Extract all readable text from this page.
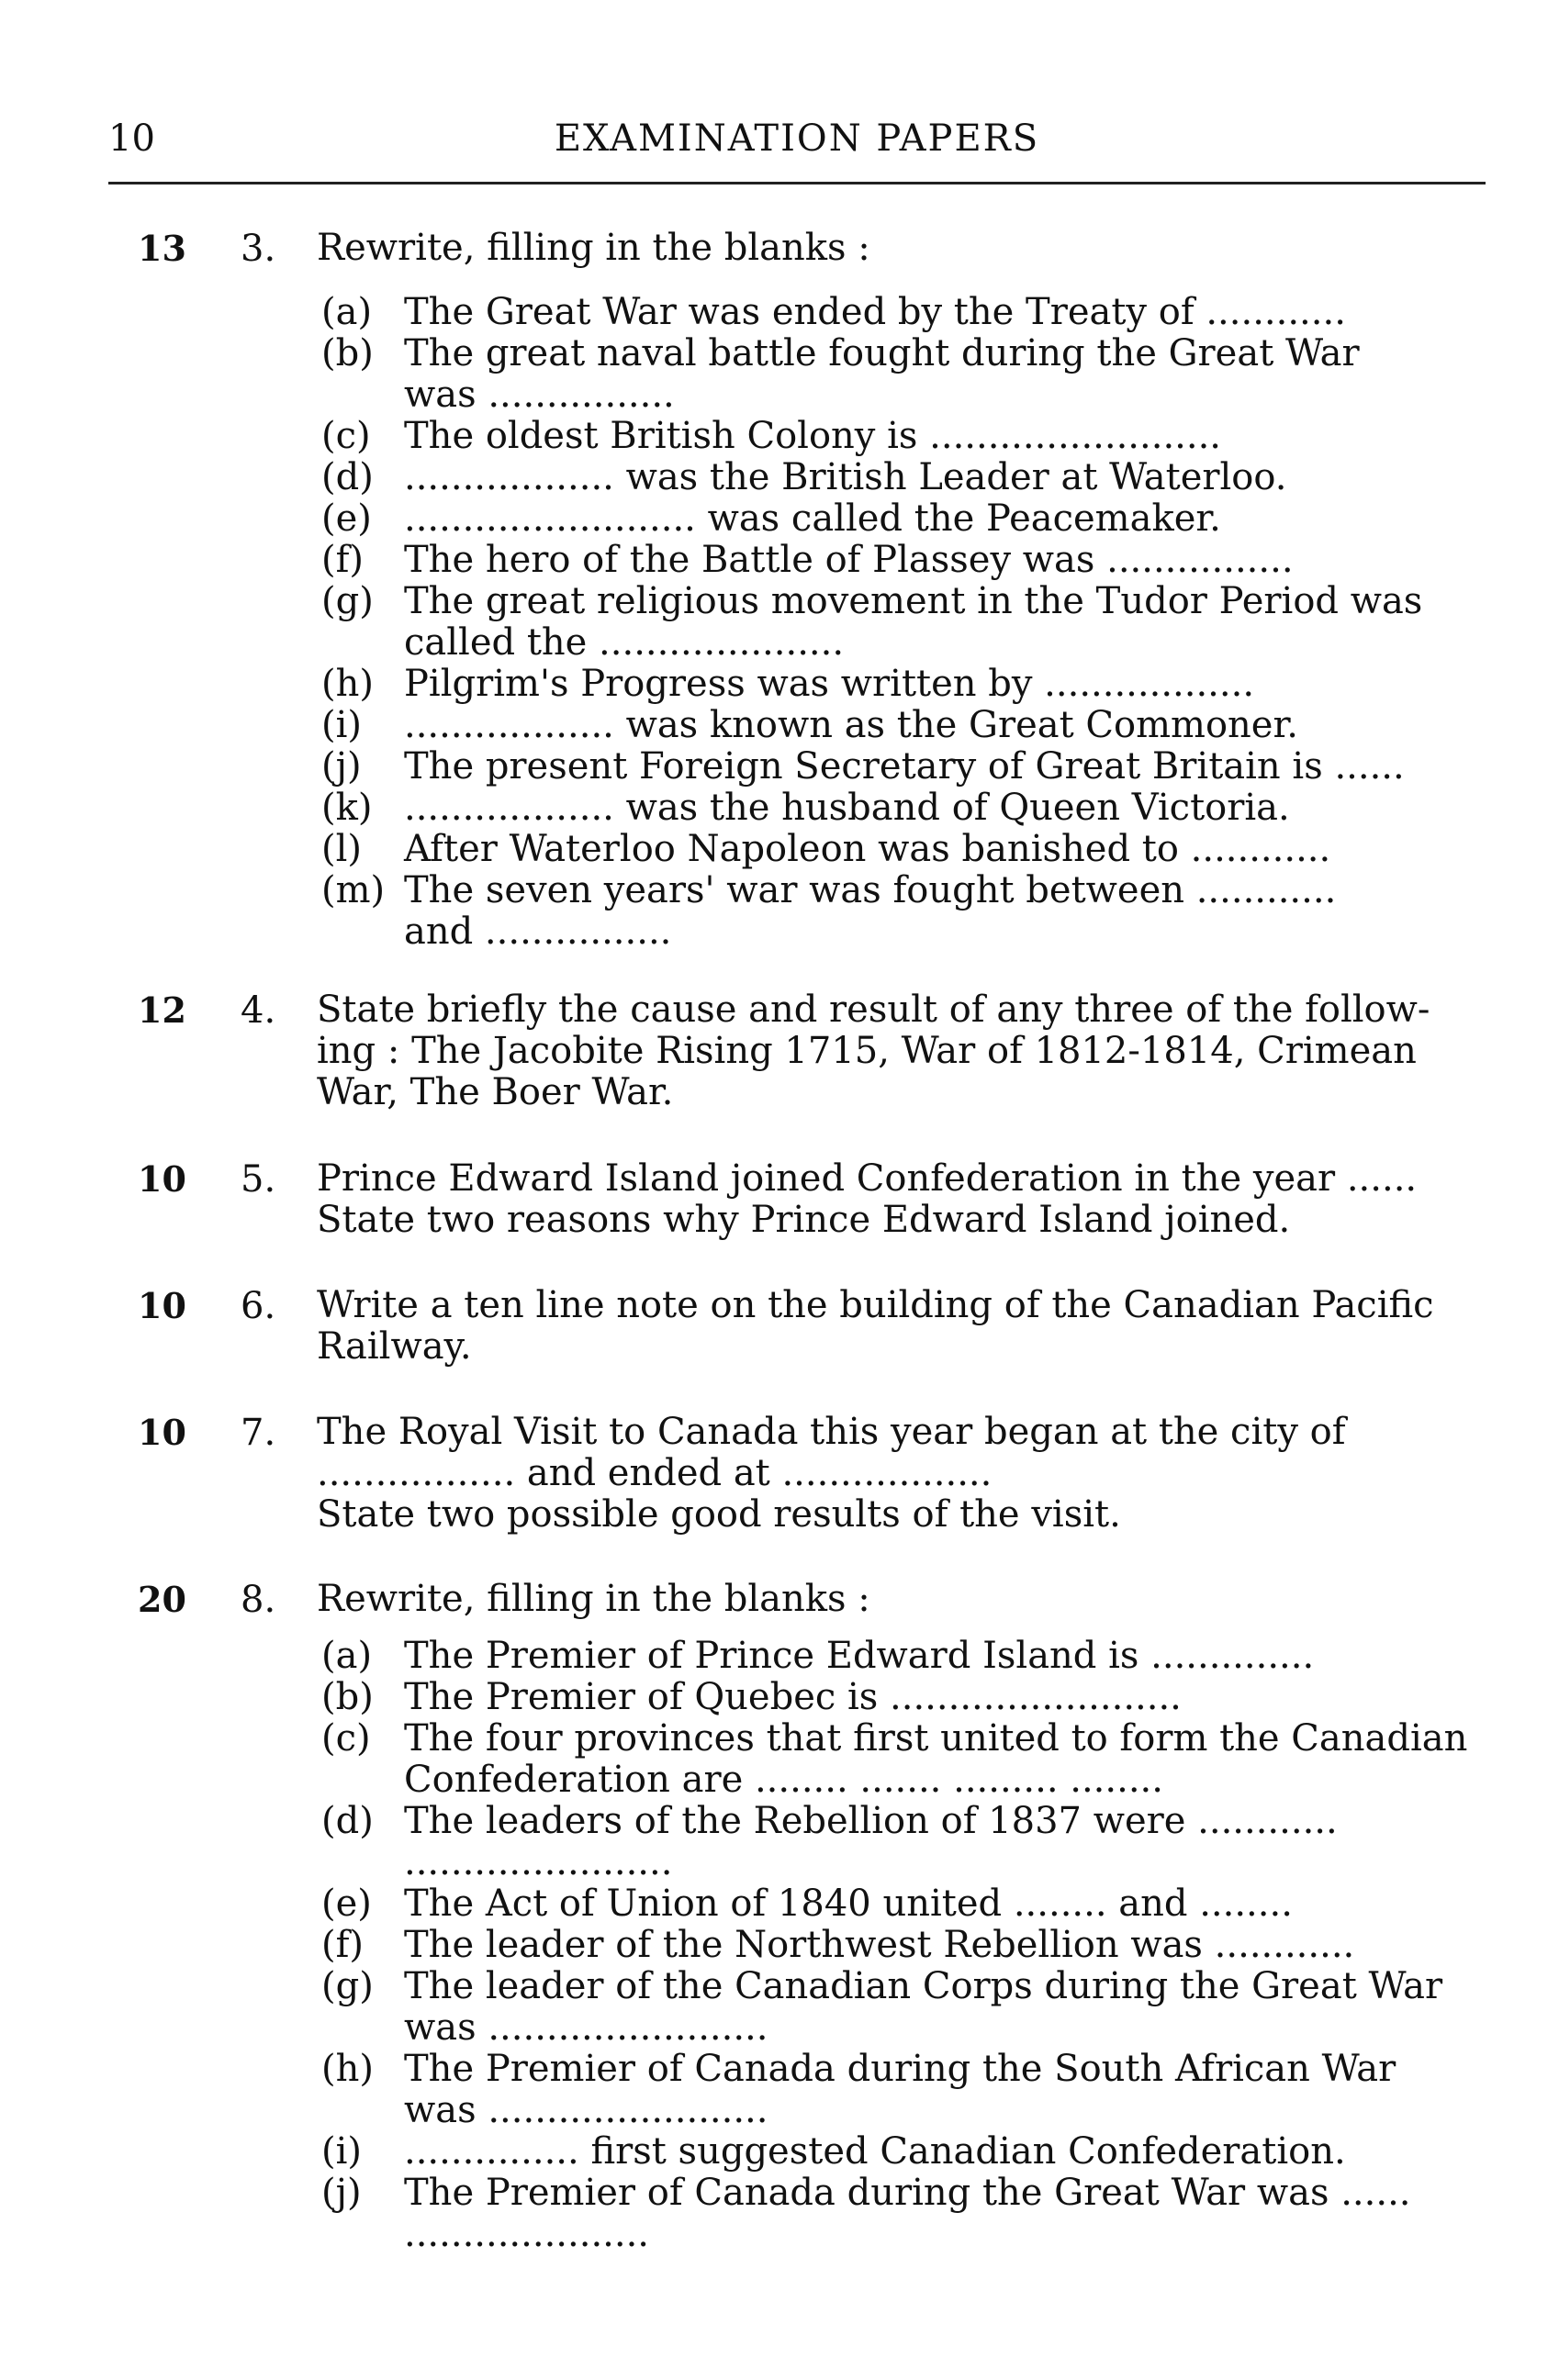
10	EXAMINATION PAPERS
13 3. Rewrite, filling in the blanks :
(a) The Great War was ended by the Treaty of ............
(b) The great naval battle fought during the Great War
was ................
(c) The oldest British Colony is .........................
(d) .................. was the British Leader at Waterloo.
(e) ......................... was called the Peacemaker.
(f) The hero of the Battle of Plassey was ................
(g) The great religious movement in the Tudor Period was
called the .....................
(h) Pilgrim's Progress was written by ..................
(i) .................. was known as the Great Commoner.
(j) The present Foreign Secretary of Great Britain is ......
(k) .................. was the husband of Queen Victoria.
(l) After Waterloo Napoleon was banished to ............
(m) The seven years' war was fought between ............
and ................
12 4. State briefly the cause and result of any three of the follow-
ing : The Jacobite Rising 1715, War of 1812-1814, Crimean
War, The Boer War.
10 5. Prince Edward Island joined Confederation in the year ......
State two reasons why Prince Edward Island joined.
10 6. Write a ten line note on the building of the Canadian Pacific
Railway.
10 7. The Royal Visit to Canada this year began at the city of
................. and ended at ..................
State two possible good results of the visit.
20 8. Rewrite, filling in the blanks :
(a) The Premier of Prince Edward Island is ..............
(b) The Premier of Quebec is .........................
(c) The four provinces that first united to form the Canadian
Confederation are ........ ....... ......... ........
(d) The leaders of the Rebellion of 1837 were ............
.......................
(e) The Act of Union of 1840 united ........ and ........
(f) The leader of the Northwest Rebellion was ............
(g) The leader of the Canadian Corps during the Great War
was ........................
(h) The Premier of Canada during the South African War
was ........................
(i) ............... first suggested Canadian Confederation.
(j) The Premier of Canada during the Great War was ......
.....................
